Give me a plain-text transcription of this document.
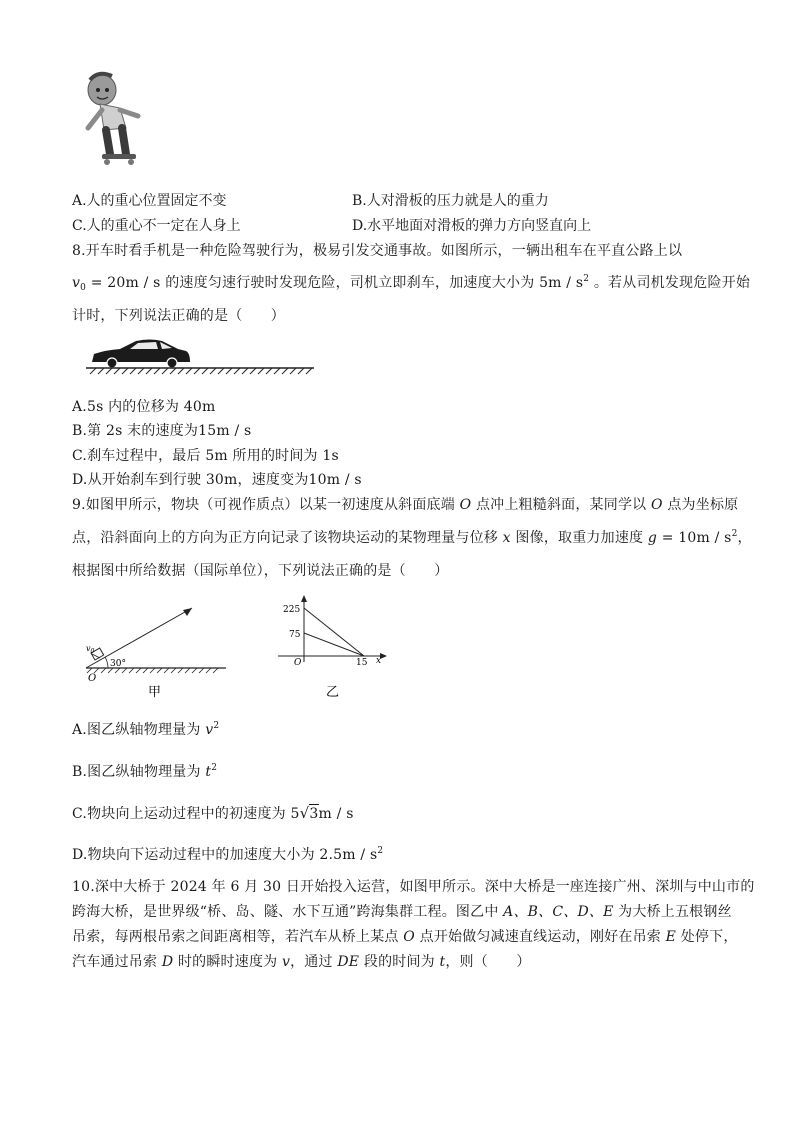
A.人的重心位置固定不变	B.人对滑板的压力就是人的重力
C.人的重心不一定在人身上	D.水平地面对滑板的弹力方向竖直向上
8.开车时看手机是一种危险驾驶行为，极易引发交通事故。如图所示，一辆出租车在平直公路上以
$v_0 = 20m / s$ 的速度匀速行驶时发现危险，司机立即刹车，加速度大小为 $5m / s^2$ 。若从司机发现危险开始
计时，下列说法正确的是（　　）
A.5s 内的位移为 40m
B.第 2s 末的速度为15m / s
C.刹车过程中，最后 5m 所用的时间为 1s
D.从开始刹车到行驶 30m，速度变为10m / s
9.如图甲所示，物块（可视作质点）以某一初速度从斜面底端 O 点冲上粗糙斜面，某同学以 O 点为坐标原
点，沿斜面向上的方向为正方向记录了该物块运动的某物理量与位移 x 图像，取重力加速度 $g = 10m / s^2$，
根据图中所给数据（国际单位），下列说法正确的是（　　）
$v_0$
30°
O
甲
225
75
O	15 x
乙
A.图乙纵轴物理量为 $v^2$
B.图乙纵轴物理量为 $t^2$
C.物块向上运动过程中的初速度为 5√3m / s
D.物块向下运动过程中的加速度大小为 $2.5m / s^2$
10.深中大桥于 2024 年 6 月 30 日开始投入运营，如图甲所示。深中大桥是一座连接广州、深圳与中山市的
跨海大桥，是世界级“桥、岛、隧、水下互通”跨海集群工程。图乙中 A、B、C、D、E 为大桥上五根钢丝
吊索，每两根吊索之间距离相等，若汽车从桥上某点 O 点开始做匀减速直线运动，刚好在吊索 E 处停下，
汽车通过吊索 D 时的瞬时速度为 v，通过 DE 段的时间为 t，则（　　）
